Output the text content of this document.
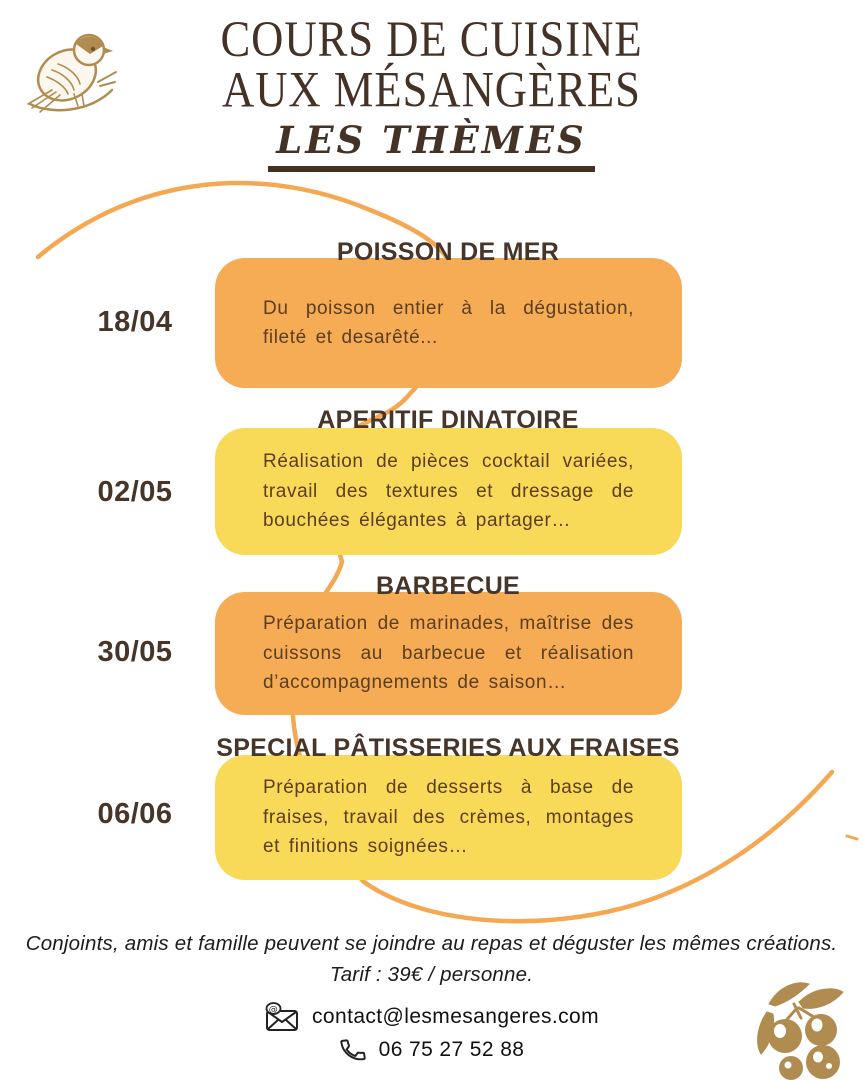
COURS DE CUISINE
AUX MÉSANGÈRES
LES THÈMES
18/04
POISSON DE MER

Du poisson entier à la dégustation, fileté et desarêté...

02/05
APERITIF DINATOIRE

Réalisation de pièces cocktail variées, travail des textures et dressage de bouchées élégantes à partager…

30/05
BARBECUE

Préparation de marinades, maîtrise des cuissons au barbecue et réalisation d’accompagnements de saison…

06/06
SPECIAL PÂTISSERIES AUX FRAISES

Préparation de desserts à base de fraises, travail des crèmes, montages et finitions soignées…

Conjoints, amis et famille peuvent se joindre au repas et déguster les mêmes créations.
Tarif : 39€ / personne.
@ contact@lesmesangeres.com
06 75 27 52 88
